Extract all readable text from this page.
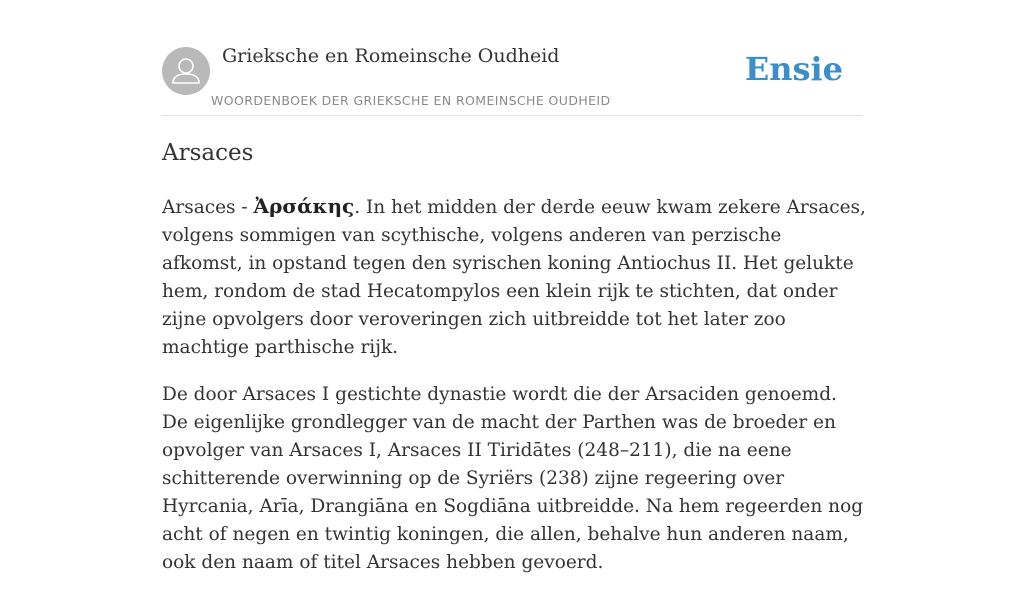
Grieksche en Romeinsche Oudheid
WOORDENBOEK DER GRIEKSCHE EN ROMEINSCHE OUDHEID
Ensie
Arsaces

Arsaces - Ἀρσάκης. In het midden der derde eeuw kwam zekere Arsaces, volgens sommigen van scythische, volgens anderen van perzische afkomst, in opstand tegen den syrischen koning Antiochus II. Het gelukte hem, rondom de stad Hecatompylos een klein rijk te stichten, dat onder zijne opvolgers door veroveringen zich uitbreidde tot het later zoo machtige parthische rijk.

De door Arsaces I gestichte dynastie wordt die der Arsaciden genoemd. De eigenlijke grondlegger van de macht der Parthen was de broeder en opvolger van Arsaces I, Arsaces II Tiridātes (248–211), die na eene schitterende overwinning op de Syriërs (238) zijne regeering over Hyrcania, Arīa, Drangiāna en Sogdiāna uitbreidde. Na hem regeerden nog acht of negen en twintig koningen, die allen, behalve hun anderen naam, ook den naam of titel Arsaces hebben gevoerd.
